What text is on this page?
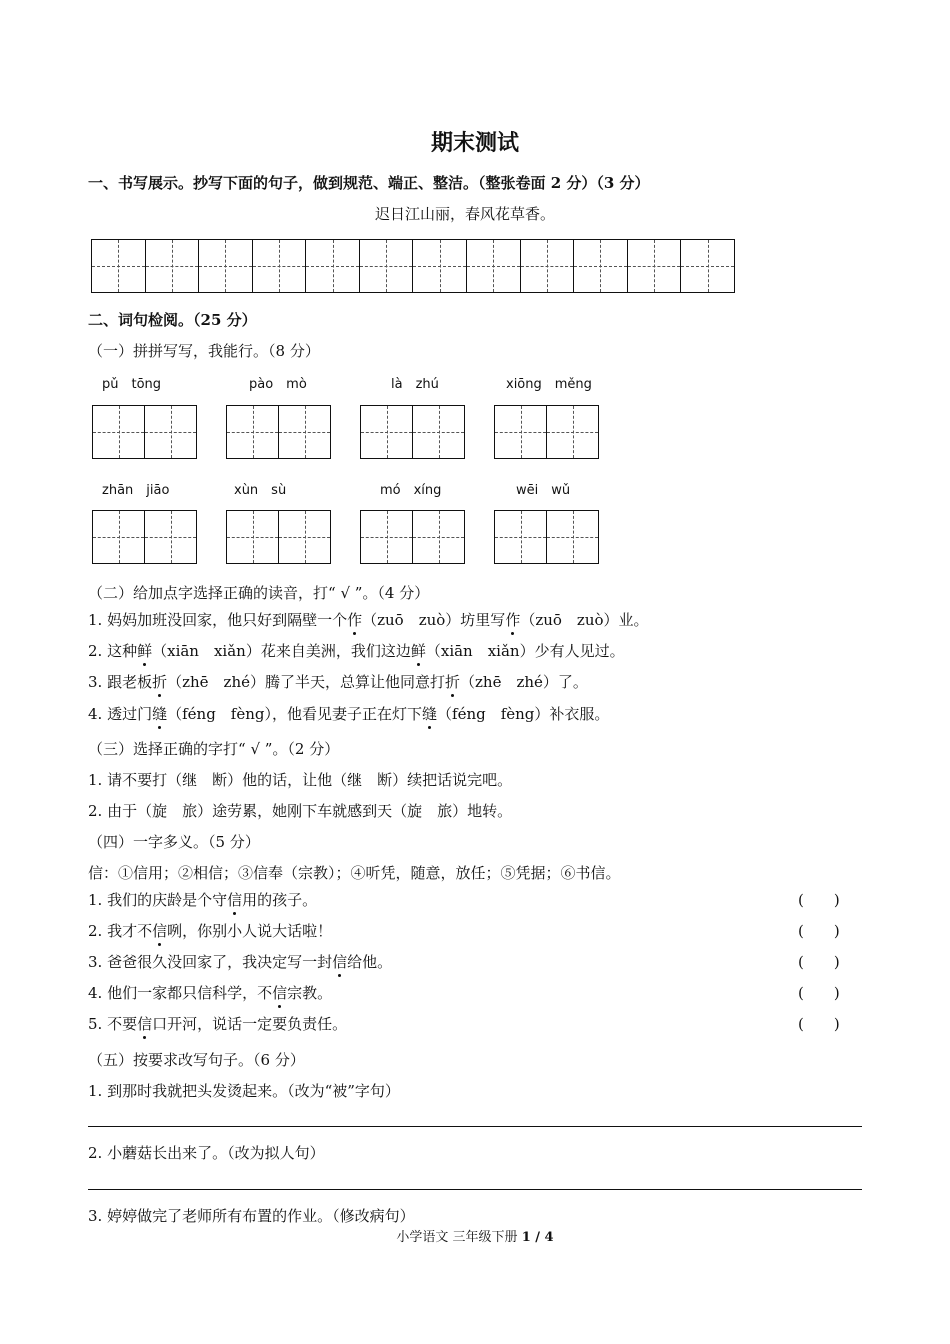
期末测试
一、书写展示。抄写下面的句子，做到规范、端正、整洁。（整张卷面 2 分）（3 分）
迟日江山丽，春风花草香。
二、词句检阅。（25 分）
（一）拼拼写写，我能行。（8 分）
pǔ　tōng	pào　mò	là　zhú	xiōng　měng
zhān　jiāo	xùn　sù	mó　xíng	wēi　wǔ
（二）给加点字选择正确的读音，打“ √ ”。（4 分）
1. 妈妈加班没回家，他只好到隔壁一个作（zuō　zuò）坊里写作（zuō　zuò）业。
2. 这种鲜（xiān　xiǎn）花来自美洲，我们这边鲜（xiān　xiǎn）少有人见过。
3. 跟老板折（zhē　zhé）腾了半天，总算让他同意打折（zhē　zhé）了。
4. 透过门缝（féng　fèng），他看见妻子正在灯下缝（féng　fèng）补衣服。
（三）选择正确的字打“ √ ”。（2 分）
1. 请不要打（继　断）他的话，让他（继　断）续把话说完吧。
2. 由于（旋　旅）途劳累，她刚下车就感到天（旋　旅）地转。
（四）一字多义。（5 分）
信：①信用；②相信；③信奉（宗教）；④听凭，随意，放任；⑤凭据；⑥书信。
1. 我们的庆龄是个守信用的孩子。	(　　)
2. 我才不信咧，你别小人说大话啦！	(　　)
3. 爸爸很久没回家了，我决定写一封信给他。	(　　)
4. 他们一家都只信科学，不信宗教。	(　　)
5. 不要信口开河，说话一定要负责任。	(　　)
（五）按要求改写句子。（6 分）
1. 到那时我就把头发烫起来。（改为“被”字句）
2. 小蘑菇长出来了。（改为拟人句）
3. 婷婷做完了老师所有布置的作业。（修改病句）
小学语文 三年级下册 1 / 4
